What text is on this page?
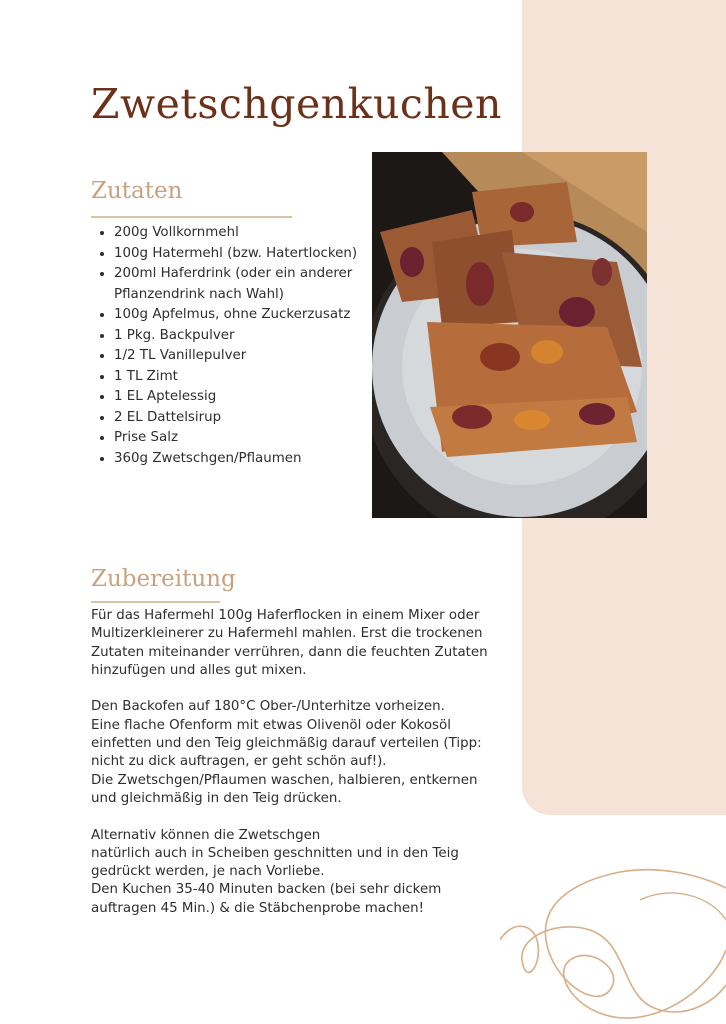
Zwetschgenkuchen
Zutaten
• 200g Vollkornmehl
• 100g Hatermehl (bzw. Hatertlocken)
• 200ml Haferdrink (oder ein anderer Pflanzendrink nach Wahl)
• 100g Apfelmus, ohne Zuckerzusatz
• 1 Pkg. Backpulver
• 1/2 TL Vanillepulver
• 1 TL Zimt
• 1 EL Aptelessig
• 2 EL Dattelsirup
• Prise Salz
• 360g Zwetschgen/Pflaumen
Zubereitung

Für das Hafermehl 100g Haferflocken in einem Mixer oder
Multizerkleinerer zu Hafermehl mahlen. Erst die trockenen
Zutaten miteinander verrühren, dann die feuchten Zutaten
hinzufügen und alles gut mixen.

Den Backofen auf 180°C Ober-/Unterhitze vorheizen.
Eine flache Ofenform mit etwas Olivenöl oder Kokosöl
einfetten und den Teig gleichmäßig darauf verteilen (Tipp:
nicht zu dick auftragen, er geht schön auf!).
Die Zwetschgen/Pflaumen waschen, halbieren, entkernen
und gleichmäßig in den Teig drücken.

Alternativ können die Zwetschgen
natürlich auch in Scheiben geschnitten und in den Teig
gedrückt werden, je nach Vorliebe.
Den Kuchen 35-40 Minuten backen (bei sehr dickem
auftragen 45 Min.) & die Stäbchenprobe machen!
